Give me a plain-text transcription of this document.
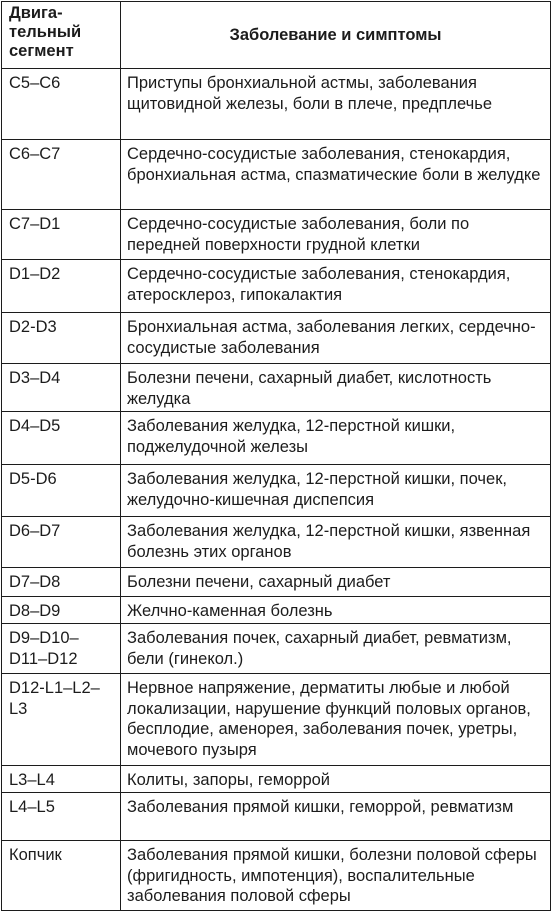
Двига-
тельный
сегмент	Заболевание и симптомы
С5–С6	Приступы бронхиальной астмы, заболевания щитовидной железы, боли в плече, предплечье
С6–С7	Сердечно-сосудистые заболевания, стенокардия, бронхиальная астма, спазматические боли в желудке
С7–D1	Сердечно-сосудистые заболевания, боли по передней поверхности грудной клетки
D1–D2	Сердечно-сосудистые заболевания, стенокардия, атеросклероз, гипокалактия
D2-D3	Бронхиальная астма, заболевания легких, сердечно-сосудистые заболевания
D3–D4	Болезни печени, сахарный диабет, кислотность желудка
D4–D5	Заболевания желудка, 12-перстной кишки, поджелудочной железы
D5-D6	Заболевания желудка, 12-перстной кишки, почек, желудочно-кишечная диспепсия
D6–D7	Заболевания желудка, 12-перстной кишки, язвенная болезнь этих органов
D7–D8	Болезни печени, сахарный диабет
D8–D9	Желчно-каменная болезнь
D9–D10–D11–D12	Заболевания почек, сахарный диабет, ревматизм, бели (гинекол.)
D12-L1–L2–L3	Нервное напряжение, дерматиты любые и любой локализации, нарушение функций половых органов, бесплодие, аменорея, заболевания почек, уретры, мочевого пузыря
L3–L4	Колиты, запоры, геморрой
L4–L5	Заболевания прямой кишки, геморрой, ревматизм
Копчик	Заболевания прямой кишки, болезни половой сферы (фригидность, импотенция), воспалительные заболевания половой сферы
